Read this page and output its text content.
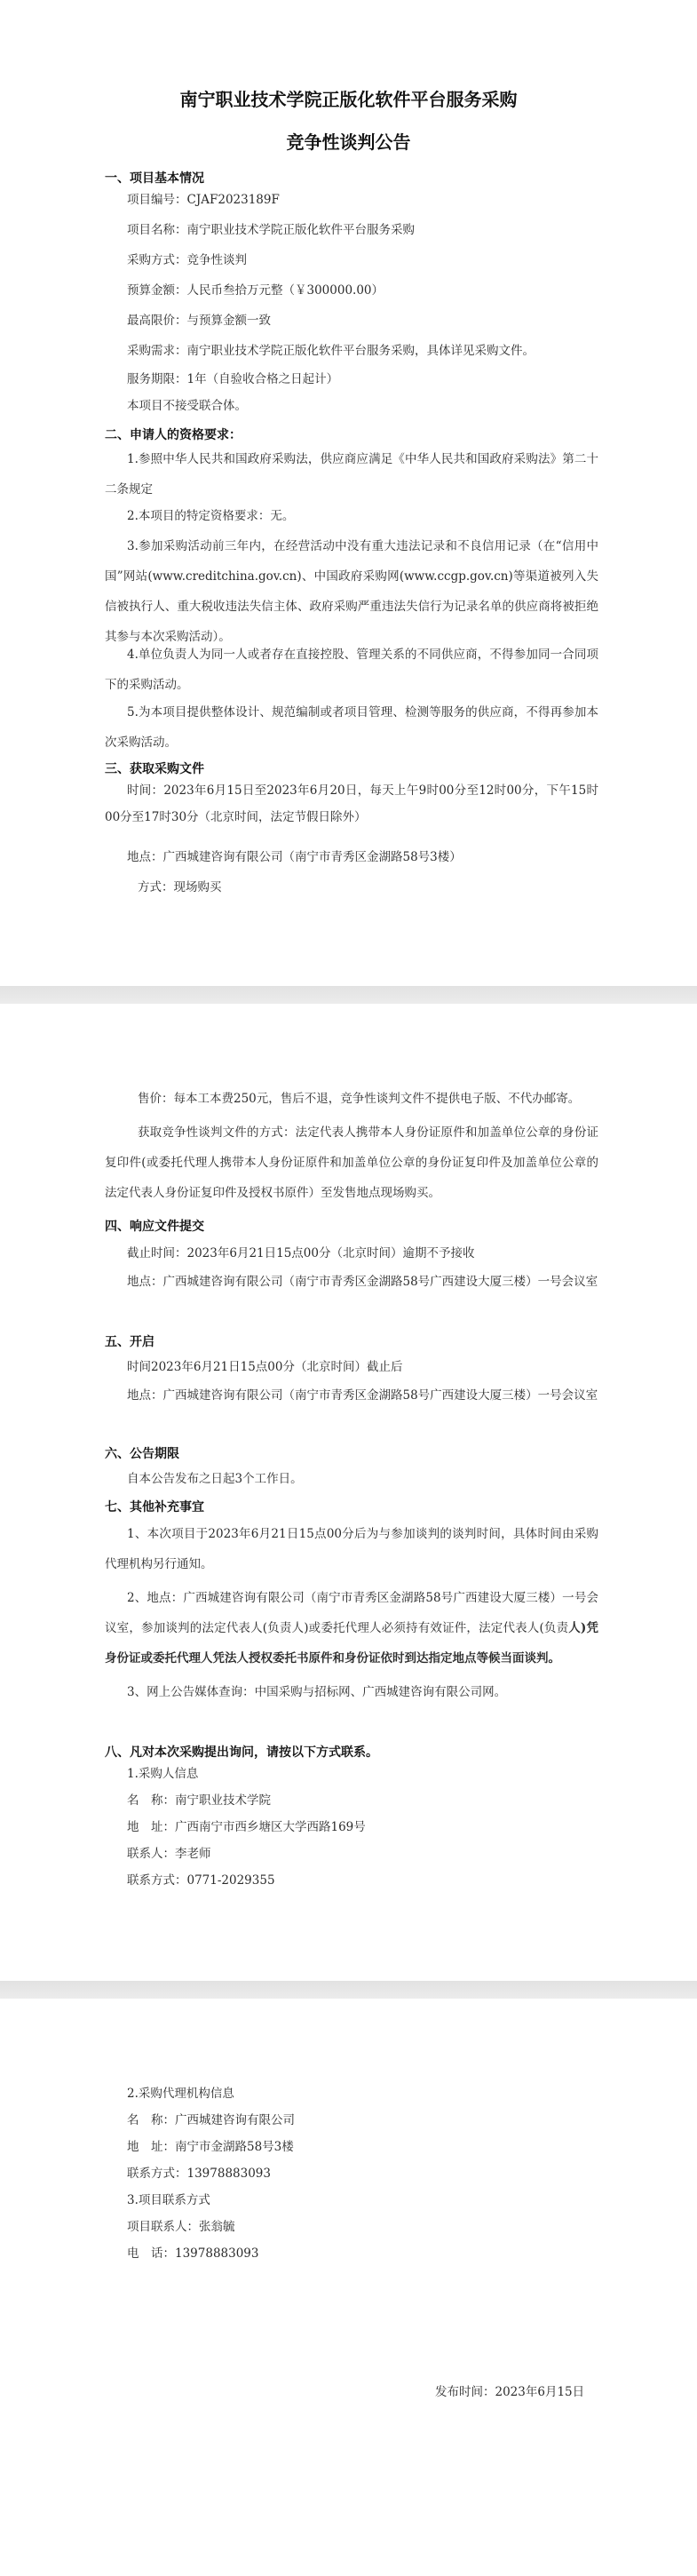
南宁职业技术学院正版化软件平台服务采购
竞争性谈判公告
一、项目基本情况
项目编号：CJAF2023189F
项目名称：南宁职业技术学院正版化软件平台服务采购
采购方式：竞争性谈判
预算金额：人民币叁拾万元整（￥300000.00）
最高限价：与预算金额一致
采购需求：南宁职业技术学院正版化软件平台服务采购，具体详见采购文件。
服务期限：1年（自验收合格之日起计）
本项目不接受联合体。
二、申请人的资格要求：
1.参照中华人民共和国政府采购法，供应商应满足《中华人民共和国政府采购法》第二十二条规定
2.本项目的特定资格要求：无。
3.参加采购活动前三年内，在经营活动中没有重大违法记录和不良信用记录（在“信用中国”网站(www.creditchina.gov.cn)、中国政府采购网(www.ccgp.gov.cn)等渠道被列入失信被执行人、重大税收违法失信主体、政府采购严重违法失信行为记录名单的供应商将被拒绝其参与本次采购活动）。
4.单位负责人为同一人或者存在直接控股、管理关系的不同供应商，不得参加同一合同项下的采购活动。
5.为本项目提供整体设计、规范编制或者项目管理、检测等服务的供应商，不得再参加本次采购活动。
三、获取采购文件
时间：2023年6月15日至2023年6月20日，每天上午9时00分至12时00分，下午15时00分至17时30分（北京时间，法定节假日除外）
地点：广西城建咨询有限公司（南宁市青秀区金湖路58号3楼）
方式：现场购买
售价：每本工本费250元，售后不退，竞争性谈判文件不提供电子版、不代办邮寄。
获取竞争性谈判文件的方式：法定代表人携带本人身份证原件和加盖单位公章的身份证复印件(或委托代理人携带本人身份证原件和加盖单位公章的身份证复印件及加盖单位公章的法定代表人身份证复印件及授权书原件）至发售地点现场购买。
四、响应文件提交
截止时间：2023年6月21日15点00分（北京时间）逾期不予接收
地点：广西城建咨询有限公司（南宁市青秀区金湖路58号广西建设大厦三楼）一号会议室
五、开启
时间2023年6月21日15点00分（北京时间）截止后
地点：广西城建咨询有限公司（南宁市青秀区金湖路58号广西建设大厦三楼）一号会议室
六、公告期限
自本公告发布之日起3个工作日。
七、其他补充事宜
1、本次项目于2023年6月21日15点00分后为与参加谈判的谈判时间，具体时间由采购代理机构另行通知。
2、地点：广西城建咨询有限公司（南宁市青秀区金湖路58号广西建设大厦三楼）一号会议室，参加谈判的法定代表人(负责人)或委托代理人必须持有效证件，法定代表人(负责人)凭身份证或委托代理人凭法人授权委托书原件和身份证依时到达指定地点等候当面谈判。
3、网上公告媒体查询：中国采购与招标网、广西城建咨询有限公司网。
八、凡对本次采购提出询问，请按以下方式联系。
1.采购人信息
名　称：南宁职业技术学院
地　址：广西南宁市西乡塘区大学西路169号
联系人：李老师
联系方式：0771-2029355
2.采购代理机构信息
名　称：广西城建咨询有限公司
地　址：南宁市金湖路58号3楼
联系方式：13978883093
3.项目联系方式
项目联系人：张翁毓
电　话：13978883093
发布时间：2023年6月15日
